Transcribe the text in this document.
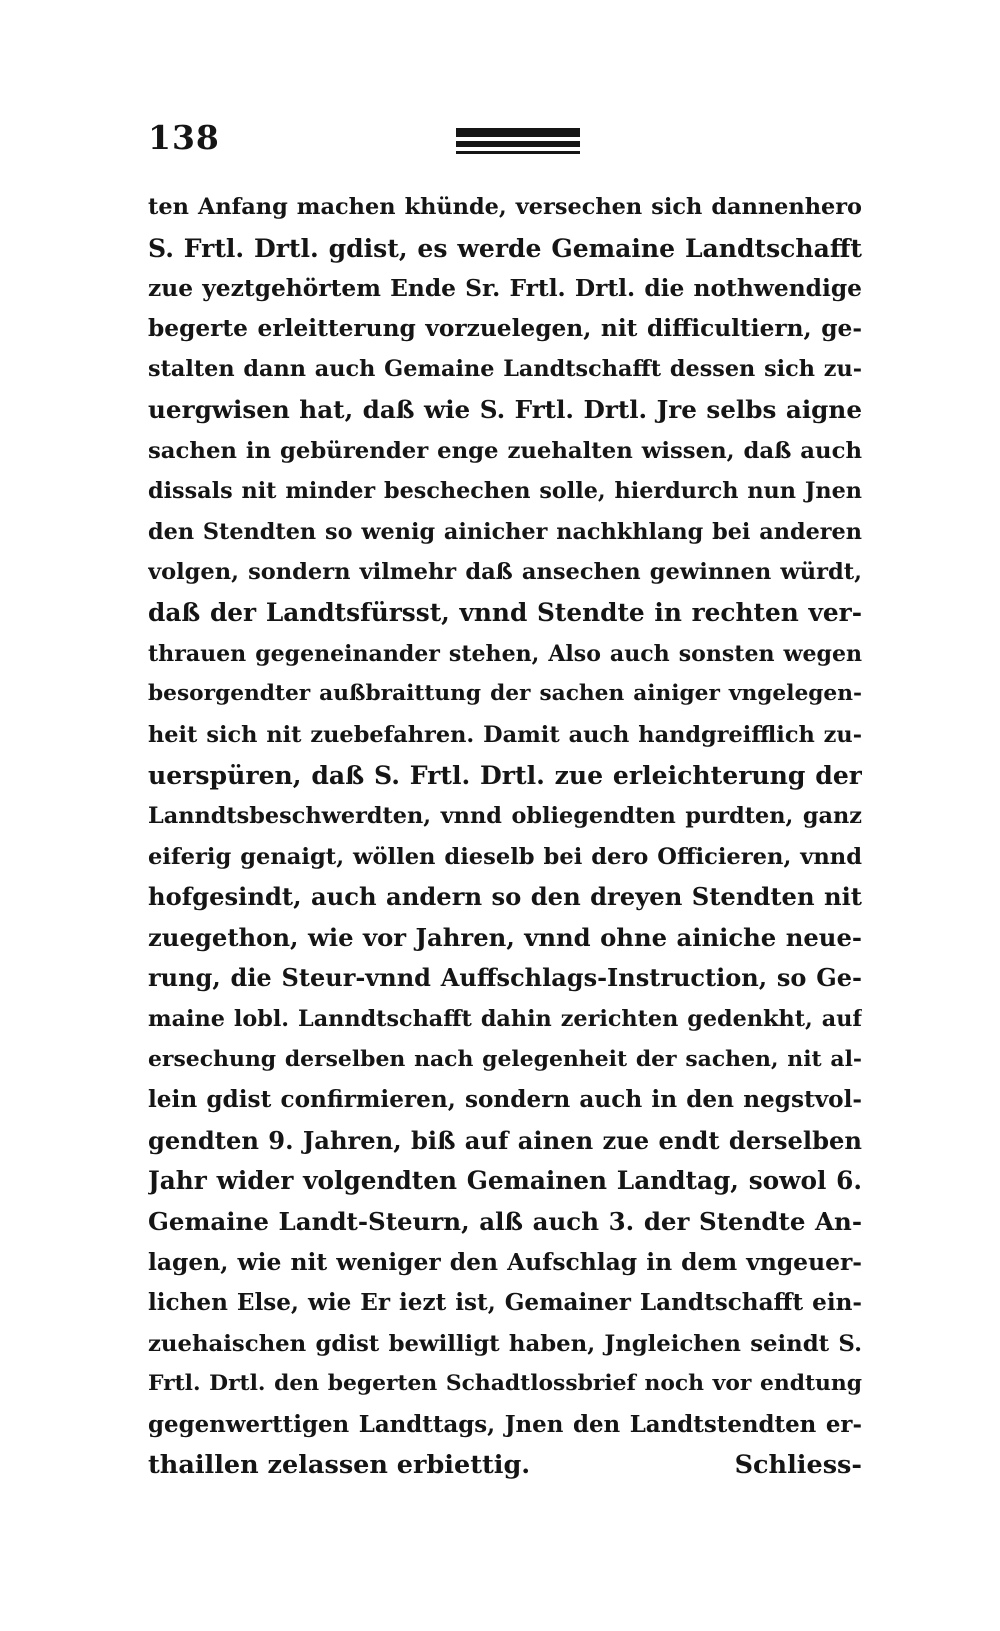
138
ten Anfang machen khünde, versechen sich dannenhero
S. Frtl. Drtl. gdist, es werde Gemaine Landtschafft
zue yeztgehörtem Ende Sr. Frtl. Drtl. die nothwendige
begerte erleitterung vorzuelegen, nit difficultiern, ge-
stalten dann auch Gemaine Landtschafft dessen sich zu-
uergwisen hat, daß wie S. Frtl. Drtl. Jre selbs aigne
sachen in gebürender enge zuehalten wissen, daß auch
dissals nit minder beschechen solle, hierdurch nun Jnen
den Stendten so wenig ainicher nachkhlang bei anderen
volgen, sondern vilmehr daß ansechen gewinnen würdt,
daß der Landtsfürsst, vnnd Stendte in rechten ver-
thrauen gegeneinander stehen, Also auch sonsten wegen
besorgendter außbraittung der sachen ainiger vngelegen-
heit sich nit zuebefahren. Damit auch handgreifflich zu-
uerspüren, daß S. Frtl. Drtl. zue erleichterung der
Lanndtsbeschwerdten, vnnd obliegendten purdten, ganz
eiferig genaigt, wöllen dieselb bei dero Officieren, vnnd
hofgesindt, auch andern so den dreyen Stendten nit
zuegethon, wie vor Jahren, vnnd ohne ainiche neue-
rung, die Steur-vnnd Auffschlags-Instruction, so Ge-
maine lobl. Lanndtschafft dahin zerichten gedenkht, auf
ersechung derselben nach gelegenheit der sachen, nit al-
lein gdist confirmieren, sondern auch in den negstvol-
gendten 9. Jahren, biß auf ainen zue endt derselben
Jahr wider volgendten Gemainen Landtag, sowol 6.
Gemaine Landt-Steurn, alß auch 3. der Stendte An-
lagen, wie nit weniger den Aufschlag in dem vngeuer-
lichen Else, wie Er iezt ist, Gemainer Landtschafft ein-
zuehaischen gdist bewilligt haben, Jngleichen seindt S.
Frtl. Drtl. den begerten Schadtlossbrief noch vor endtung
gegenwerttigen Landttags, Jnen den Landtstendten er-
thaillen zelassen erbiettig.	Schliess-
